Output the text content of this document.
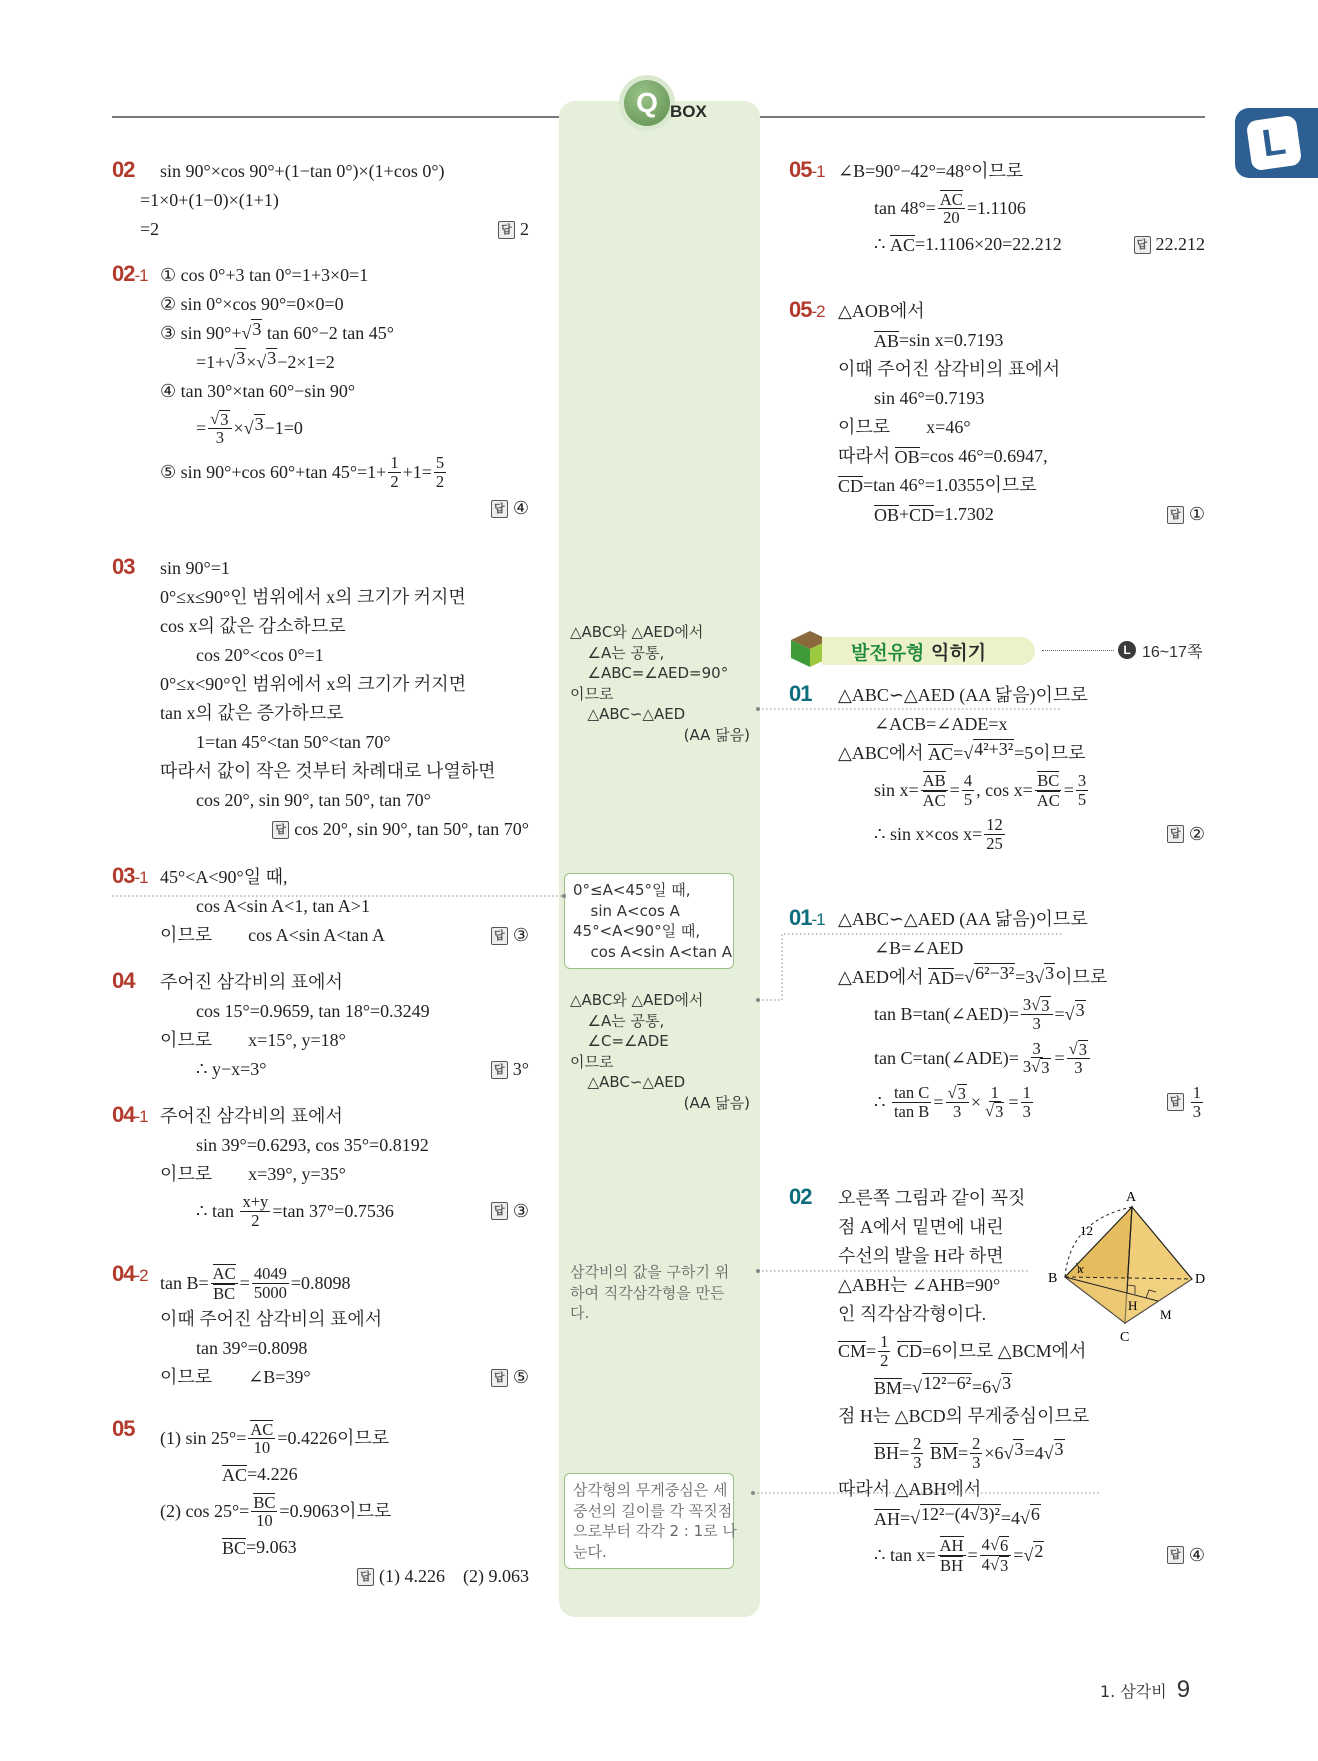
Q BOX
L
02 sin 90°×cos 90°+(1−tan 0°)×(1+cos 0°)
=1×0+(1−0)×(1+1)
=2	답 2
02-1 ① cos 0°+3 tan 0°=1+3×0=1
② sin 0°×cos 90°=0×0=0
③ sin 90°+ √ 3 tan 60°−2 tan 45°
=1+ √ 3 × √ 3 −2×1=2
④ tan 30°×tan 60°−sin 90°
= $\frac{√ 3}{3}$ × √ 3 −1=0
⑤ sin 90°+cos 60°+tan $45^\circ=1+ \frac{1}{2} +1= \frac{5}{2}$
답 ④
03 sin 90°=1
0°≤x≤90°인 범위에서 x의 크기가 커지면
cos x의 값은 감소하므로
cos 20°<cos 0°=1
0°≤x<90°인 범위에서 x의 크기가 커지면
tan x의 값은 증가하므로
1=tan 45°<tan 50°<tan 70°
따라서 값이 작은 것부터 차례대로 나열하면
cos 20°, sin 90°, tan 50°, tan 70°
답 cos 20°, sin 90°, tan 50°, tan 70°
03-1 45°<A<90°일 때,
cos A<sin A<1, tan A>1
이므로  cos A<sin A<tan A	답 ③
04 주어진 삼각비의 표에서
cos 15°=0.9659, tan 18°=0.3249
이므로  x=15°, y=18°
∴ y−x=3°	답 3°
04-1 주어진 삼각비의 표에서
sin 39°=0.6293, cos 35°=0.8192
이므로  x=39°, y=35°
∴ $\tan \frac{x+y}{2} =\tan$ 37°=0.7536	답 ③
04-2 $\tan B= \frac{AC}{BC} = \frac{4049}{5000} =0.8098$
이때 주어진 삼각비의 표에서
tan 39°=0.8098
이므로  ∠B=39°	답 ⑤
05 (1) $\sin 25^\circ= \frac{AC}{10} =0.4226$이므로
AC =4.226
(2) $\cos 25^\circ= \frac{BC}{10} =0.9063$이므로
BC =9.063
답 (1) 4.226 (2) 9.063
05-1 ∠B=90°−42°=48°이므로
$\tan 48^\circ= \frac{AC}{20} =1.1106$
∴ AC =1.1106×20=22.212	답 22.212
05-2 △AOB에서
AB =sin x=0.7193
이때 주어진 삼각비의 표에서
sin 46°=0.7193
이므로  x=46°
따라서 OB =cos 46°=0.6947,
CD =tan 46°=1.0355이므로
OB + CD =1.7302	답 ①
01 △ABC∽△AED (AA 닮음)이므로
∠ACB=∠ADE=x
△ABC에서 AC = √ 4²+3² =5이므로
$\sin x= \frac{AB}{AC} = \frac{4}{5}$ , $\cos x= \frac{BC}{AC} = \frac{3}{5}$
∴ sin x×cos $x= \frac{12}{25}$	답 ②
01-1 △ABC∽△AED (AA 닮음)이므로
∠B=∠AED
△AED에서 AD = √ 6²−3² =3 √ 3 이므로
tan B=tan(∠AED)= $\frac{3 √ 3}{3}$ = √ 3
tan C=tan(∠ADE)= $\frac{3}{3 √ 3} = \frac{√ 3}{3}$
∴ $\frac{\text{tan C}}{\text{tan B}} = \frac{√ 3}{3} \times \frac{1}{√ 3} = \frac{1}{3}$	답 $\frac{1}{3}$
02 오른쪽 그림과 같이 꼭짓
점 A에서 밑면에 내린
수선의 발을 H라 하면
△ABH는 ∠AHB=90°
인 직각삼각형이다.
CM = $\frac{1}{2}$
CD =6이므로 △BCM에서
BM = √ 12²−6² =6 √ 3
점 H는 △BCD의 무게중심이므로
BH = $\frac{2}{3}$
BM = $\frac{2}{3} \times 6$ √ 3 =4 √ 3
따라서 △ABH에서
AH = √ 12²−(4√3)² =4 √ 6
∴ $\tan x= \frac{AH}{BH} = \frac{4 √ 6}{4 √ 3}$ = √ 2	답 ④
△ABC와 △AED에서
∠A는 공통,
∠ABC=∠AED=90°
이므로
△ABC∽△AED
(AA 닮음)
0°≤A<45°일 때,
sin A<cos A
45°<A<90°일 때,
cos A<sin A<tan A
△ABC와 △AED에서
∠A는 공통,
∠C=∠ADE
이므로
△ABC∽△AED
(AA 닮음)
삼각비의 값을 구하기 위
하여 직각삼각형을 만든
다.
삼각형의 무게중심은 세
중선의 길이를 각 꼭짓점
으로부터 각각 2 : 1로 나
눈다.
발전유형 익히기	L 16~17쪽
A
B
C
D
H
M
12
x
1. 삼각비 9
